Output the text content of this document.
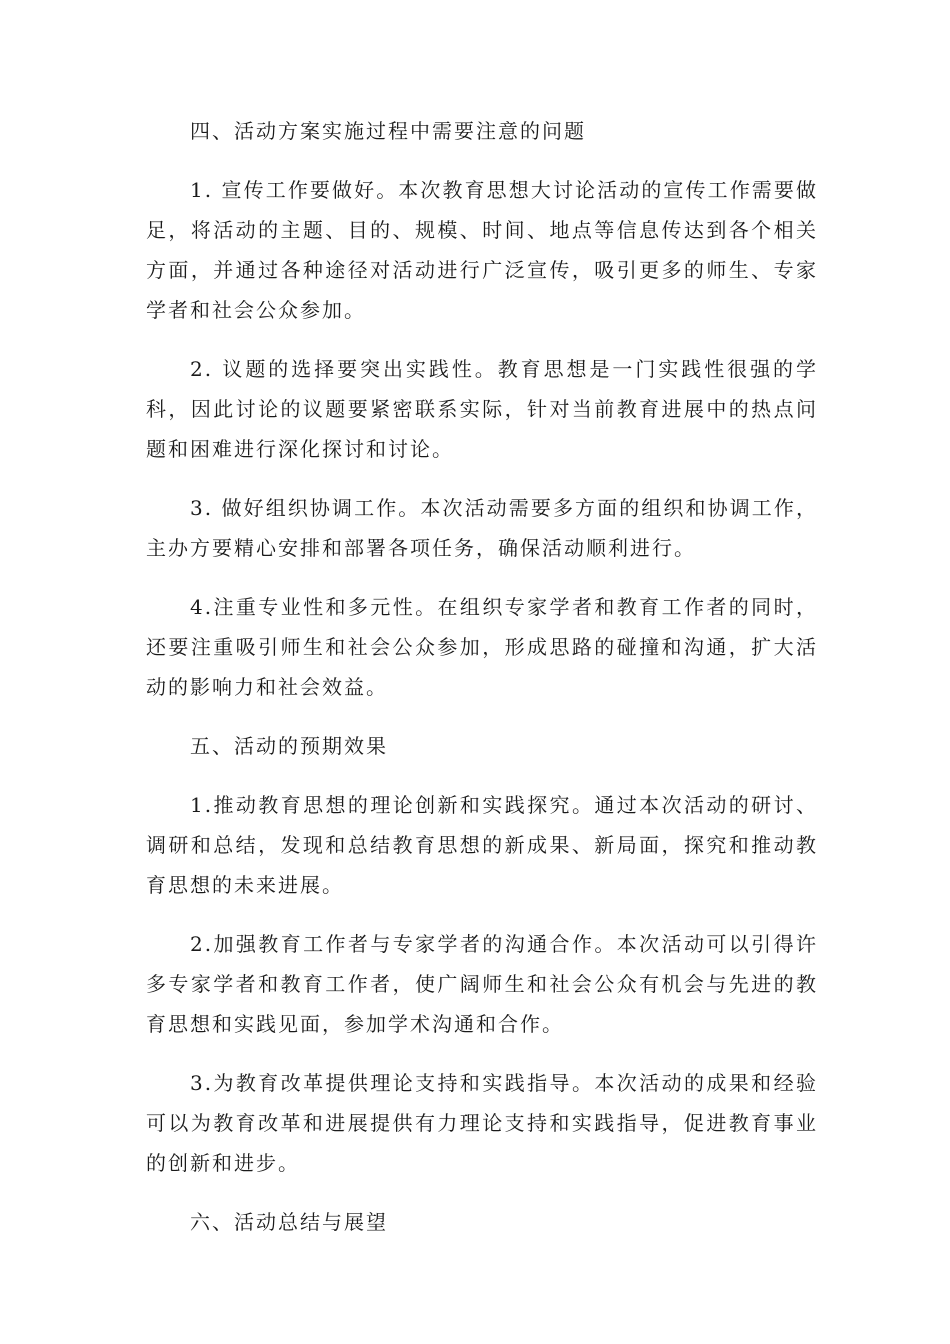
四、活动方案实施过程中需要注意的问题

1. 宣传工作要做好。本次教育思想大讨论活动的宣传工作需要做足，将活动的主题、目的、规模、时间、地点等信息传达到各个相关方面，并通过各种途径对活动进行广泛宣传，吸引更多的师生、专家学者和社会公众参加。

2. 议题的选择要突出实践性。教育思想是一门实践性很强的学科，因此讨论的议题要紧密联系实际，针对当前教育进展中的热点问题和困难进行深化探讨和讨论。

3. 做好组织协调工作。本次活动需要多方面的组织和协调工作，主办方要精心安排和部署各项任务，确保活动顺利进行。

4.注重专业性和多元性。在组织专家学者和教育工作者的同时，还要注重吸引师生和社会公众参加，形成思路的碰撞和沟通，扩大活动的影响力和社会效益。

五、活动的预期效果

1.推动教育思想的理论创新和实践探究。通过本次活动的研讨、调研和总结，发现和总结教育思想的新成果、新局面，探究和推动教育思想的未来进展。

2.加强教育工作者与专家学者的沟通合作。本次活动可以引得许多专家学者和教育工作者，使广阔师生和社会公众有机会与先进的教育思想和实践见面，参加学术沟通和合作。

3.为教育改革提供理论支持和实践指导。本次活动的成果和经验可以为教育改革和进展提供有力理论支持和实践指导，促进教育事业的创新和进步。

六、活动总结与展望
